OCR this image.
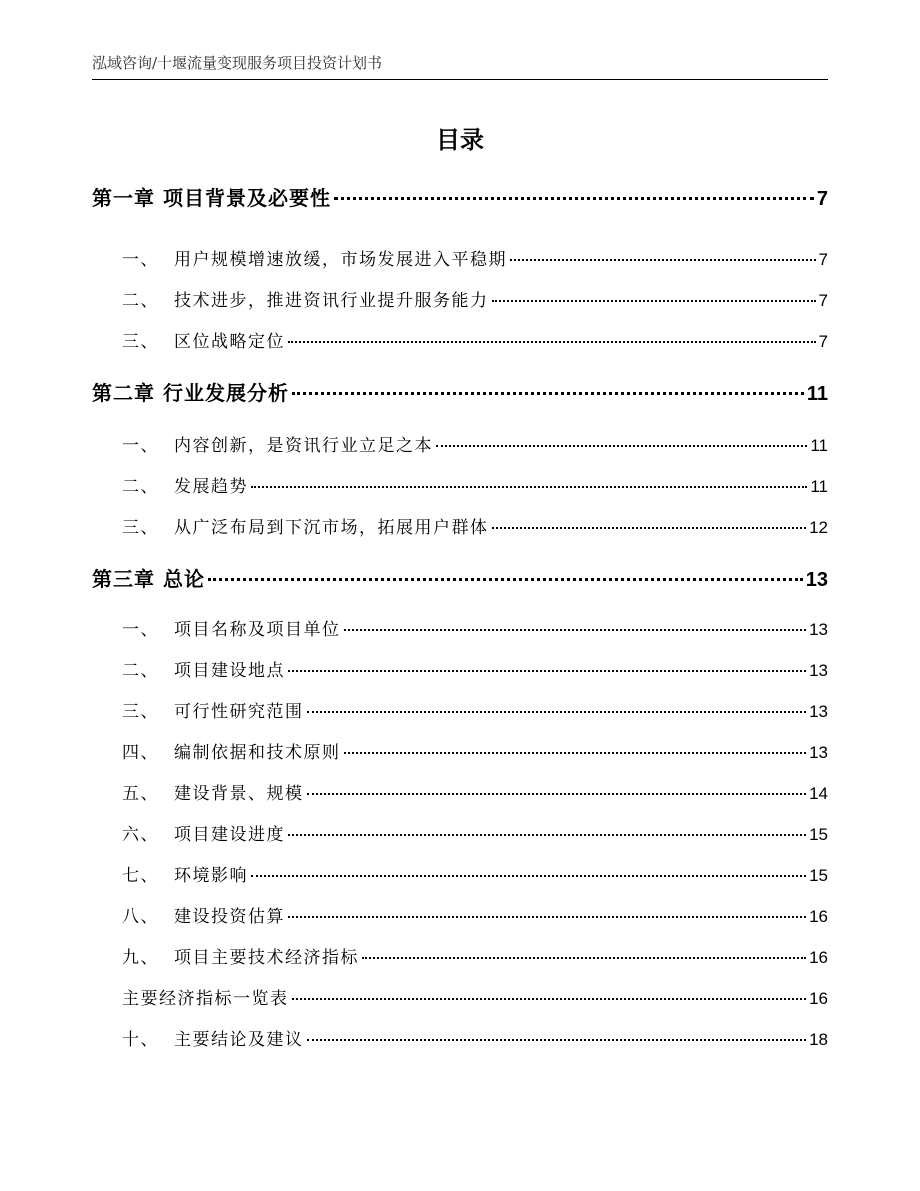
泓域咨询/十堰流量变现服务项目投资计划书
目录
第一章 项目背景及必要性	7
一、 用户规模增速放缓，市场发展进入平稳期	7
二、 技术进步，推进资讯行业提升服务能力	7
三、 区位战略定位	7
第二章 行业发展分析	11
一、 内容创新，是资讯行业立足之本	11
二、 发展趋势	11
三、 从广泛布局到下沉市场，拓展用户群体	12
第三章 总论	13
一、 项目名称及项目单位	13
二、 项目建设地点	13
三、 可行性研究范围	13
四、 编制依据和技术原则	13
五、 建设背景、规模	14
六、 项目建设进度	15
七、 环境影响	15
八、 建设投资估算	16
九、 项目主要技术经济指标	16
主要经济指标一览表	16
十、 主要结论及建议	18
